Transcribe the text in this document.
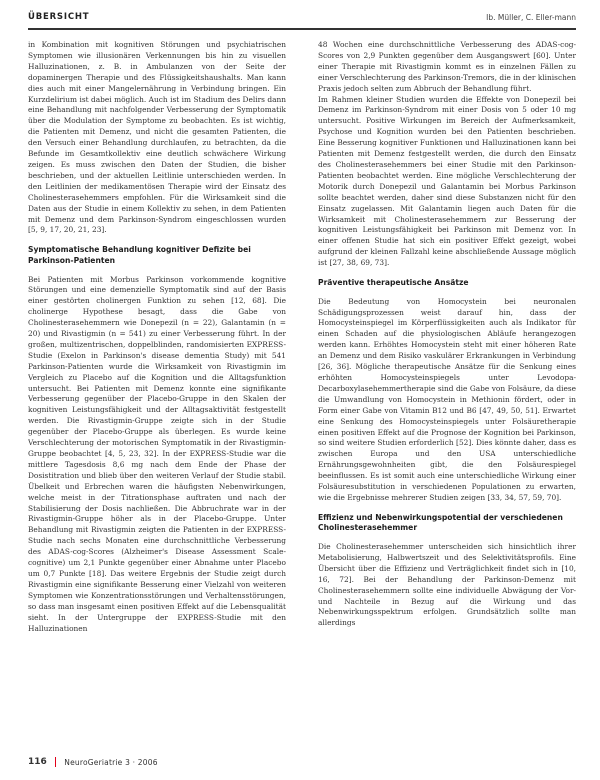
ÜBERSICHT	Ib. Müller, C. Eller-mann

in Kombination mit kognitiven Störungen und psychiatrischen Symptomen wie illusionären Verkennungen bis hin zu visuellen Halluzinationen, z. B. in Ambulanzen von der Seite der dopaminergen Therapie und des Flüssigkeitshaushalts. Man kann dies auch mit einer Mangelernährung in Verbindung bringen. Ein Kurzdelirium ist dabei möglich. Auch ist im Stadium des Delirs dann eine Behandlung mit nachfolgender Verbesserung der Symptomatik über die Modulation der Symptome zu beobachten. Es ist wichtig, die Patienten mit Demenz, und nicht die gesamten Patienten, die den Versuch einer Behandlung durchlaufen, zu betrachten, da die Befunde im Gesamtkollektiv eine deutlich schwächere Wirkung zeigen. Es muss zwischen den Daten der Studien, die bisher beschrieben, und der aktuellen Leitlinie unterschieden werden. In den Leitlinien der medikamentösen Therapie wird der Einsatz des Cholinesterasehemmers empfohlen. Für die Wirksamkeit sind die Daten aus der Studie in einem Kollektiv zu sehen, in dem Patienten mit Demenz und dem Parkinson-Syndrom eingeschlossen wurden [5, 9, 17, 20, 21, 23].

Symptomatische Behandlung kognitiver Defizite bei Parkinson-Patienten

Bei Patienten mit Morbus Parkinson vorkommende kognitive Störungen und eine demenzielle Symptomatik sind auf der Basis einer gestörten cholinergen Funktion zu sehen [12, 68]. Die cholinerge Hypothese besagt, dass die Gabe von Cholinesterasehemmern wie Donepezil (n = 22), Galantamin (n = 20) und Rivastigmin (n = 541) zu einer Verbesserung führt. In der großen, multizentrischen, doppelblinden, randomisierten EXPRESS-Studie (Exelon in Parkinson's disease dementia Study) mit 541 Parkinson-Patienten wurde die Wirksamkeit von Rivastigmin im Vergleich zu Placebo auf die Kognition und die Alltagsfunktion untersucht. Bei Patienten mit Demenz konnte eine signifikante Verbesserung gegenüber der Placebo-Gruppe in den Skalen der kognitiven Leistungsfähigkeit und der Alltagsaktivität festgestellt werden. Die Rivastigmin-Gruppe zeigte sich in der Studie gegenüber der Placebo-Gruppe als überlegen. Es wurde keine Verschlechterung der motorischen Symptomatik in der Rivastigmin-Gruppe beobachtet [4, 5, 23, 32]. In der EXPRESS-Studie war die mittlere Tagesdosis 8,6 mg nach dem Ende der Phase der Dosistitration und blieb über den weiteren Verlauf der Studie stabil. Übelkeit und Erbrechen waren die häufigsten Nebenwirkungen, welche meist in der Titrationsphase auftraten und nach der Stabilisierung der Dosis nachließen. Die Abbruchrate war in der Rivastigmin-Gruppe höher als in der Placebo-Gruppe. Unter Behandlung mit Rivastigmin zeigten die Patienten in der EXPRESS-Studie nach sechs Monaten eine durchschnittliche Verbesserung des ADAS-cog-Scores (Alzheimer's Disease Assessment Scale-cognitive) um 2,1 Punkte gegenüber einer Abnahme unter Placebo um 0,7 Punkte [18]. Das weitere Ergebnis der Studie zeigt durch Rivastigmin eine signifikante Besserung einer Vielzahl von weiteren Symptomen wie Konzentrationsstörungen und Verhaltensstörungen, so dass man insgesamt einen positiven Effekt auf die Lebensqualität sieht. In der Untergruppe der EXPRESS-Studie mit den Halluzinationen

48 Wochen eine durchschnittliche Verbesserung des ADAS-cog-Scores von 2,9 Punkten gegenüber dem Ausgangswert [60]. Unter einer Therapie mit Rivastigmin kommt es in einzelnen Fällen zu einer Verschlechterung des Parkinson-Tremors, die in der klinischen Praxis jedoch selten zum Abbruch der Behandlung führt.

Im Rahmen kleiner Studien wurden die Effekte von Donepezil bei Demenz im Parkinson-Syndrom mit einer Dosis von 5 oder 10 mg untersucht. Positive Wirkungen im Bereich der Aufmerksamkeit, Psychose und Kognition wurden bei den Patienten beschrieben. Eine Besserung kognitiver Funktionen und Halluzinationen kann bei Patienten mit Demenz festgestellt werden, die durch den Einsatz des Cholinesterasehemmers bei einer Studie mit den Parkinson-Patienten beobachtet werden. Eine mögliche Verschlechterung der Motorik durch Donepezil und Galantamin bei Morbus Parkinson sollte beachtet werden, daher sind diese Substanzen nicht für den Einsatz zugelassen. Mit Galantamin liegen auch Daten für die Wirksamkeit mit Cholinesterasehemmern zur Besserung der kognitiven Leistungsfähigkeit bei Parkinson mit Demenz vor. In einer offenen Studie hat sich ein positiver Effekt gezeigt, wobei aufgrund der kleinen Fallzahl keine abschließende Aussage möglich ist [27, 38, 69, 73].

Präventive therapeutische Ansätze

Die Bedeutung von Homocystein bei neuronalen Schädigungsprozessen weist darauf hin, dass der Homocysteinspiegel im Körperflüssigkeiten auch als Indikator für einen Schaden auf die physiologischen Abläufe herangezogen werden kann. Erhöhtes Homocystein steht mit einer höheren Rate an Demenz und dem Risiko vaskulärer Erkrankungen in Verbindung [26, 36]. Mögliche therapeutische Ansätze für die Senkung eines erhöhten Homocysteinspiegels unter Levodopa-Decarboxylasehemmertherapie sind die Gabe von Folsäure, da diese die Umwandlung von Homocystein in Methionin fördert, oder in Form einer Gabe von Vitamin B12 und B6 [47, 49, 50, 51]. Erwartet eine Senkung des Homocysteinspiegels unter Folsäuretherapie einen positiven Effekt auf die Prognose der Kognition bei Parkinson, so sind weitere Studien erforderlich [52]. Dies könnte daher, dass es zwischen Europa und den USA unterschiedliche Ernährungsgewohnheiten gibt, die den Folsäurespiegel beeinflussen. Es ist somit auch eine unterschiedliche Wirkung einer Folsäuresubstitution in verschiedenen Populationen zu erwarten, wie die Ergebnisse mehrerer Studien zeigen [33, 34, 57, 59, 70].

Effizienz und Nebenwirkungspotential der verschiedenen Cholinesterasehemmer

Die Cholinesterasehemmer unterscheiden sich hinsichtlich ihrer Metabolisierung, Halbwertszeit und des Selektivitätsprofils. Eine Übersicht über die Effizienz und Verträglichkeit findet sich in [10, 16, 72]. Bei der Behandlung der Parkinson-Demenz mit Cholinesterasehemmern sollte eine individuelle Abwägung der Vor- und Nachteile in Bezug auf die Wirkung und das Nebenwirkungsspektrum erfolgen. Grundsätzlich sollte man allerdings

116 NeuroGeriatrie 3 · 2006
